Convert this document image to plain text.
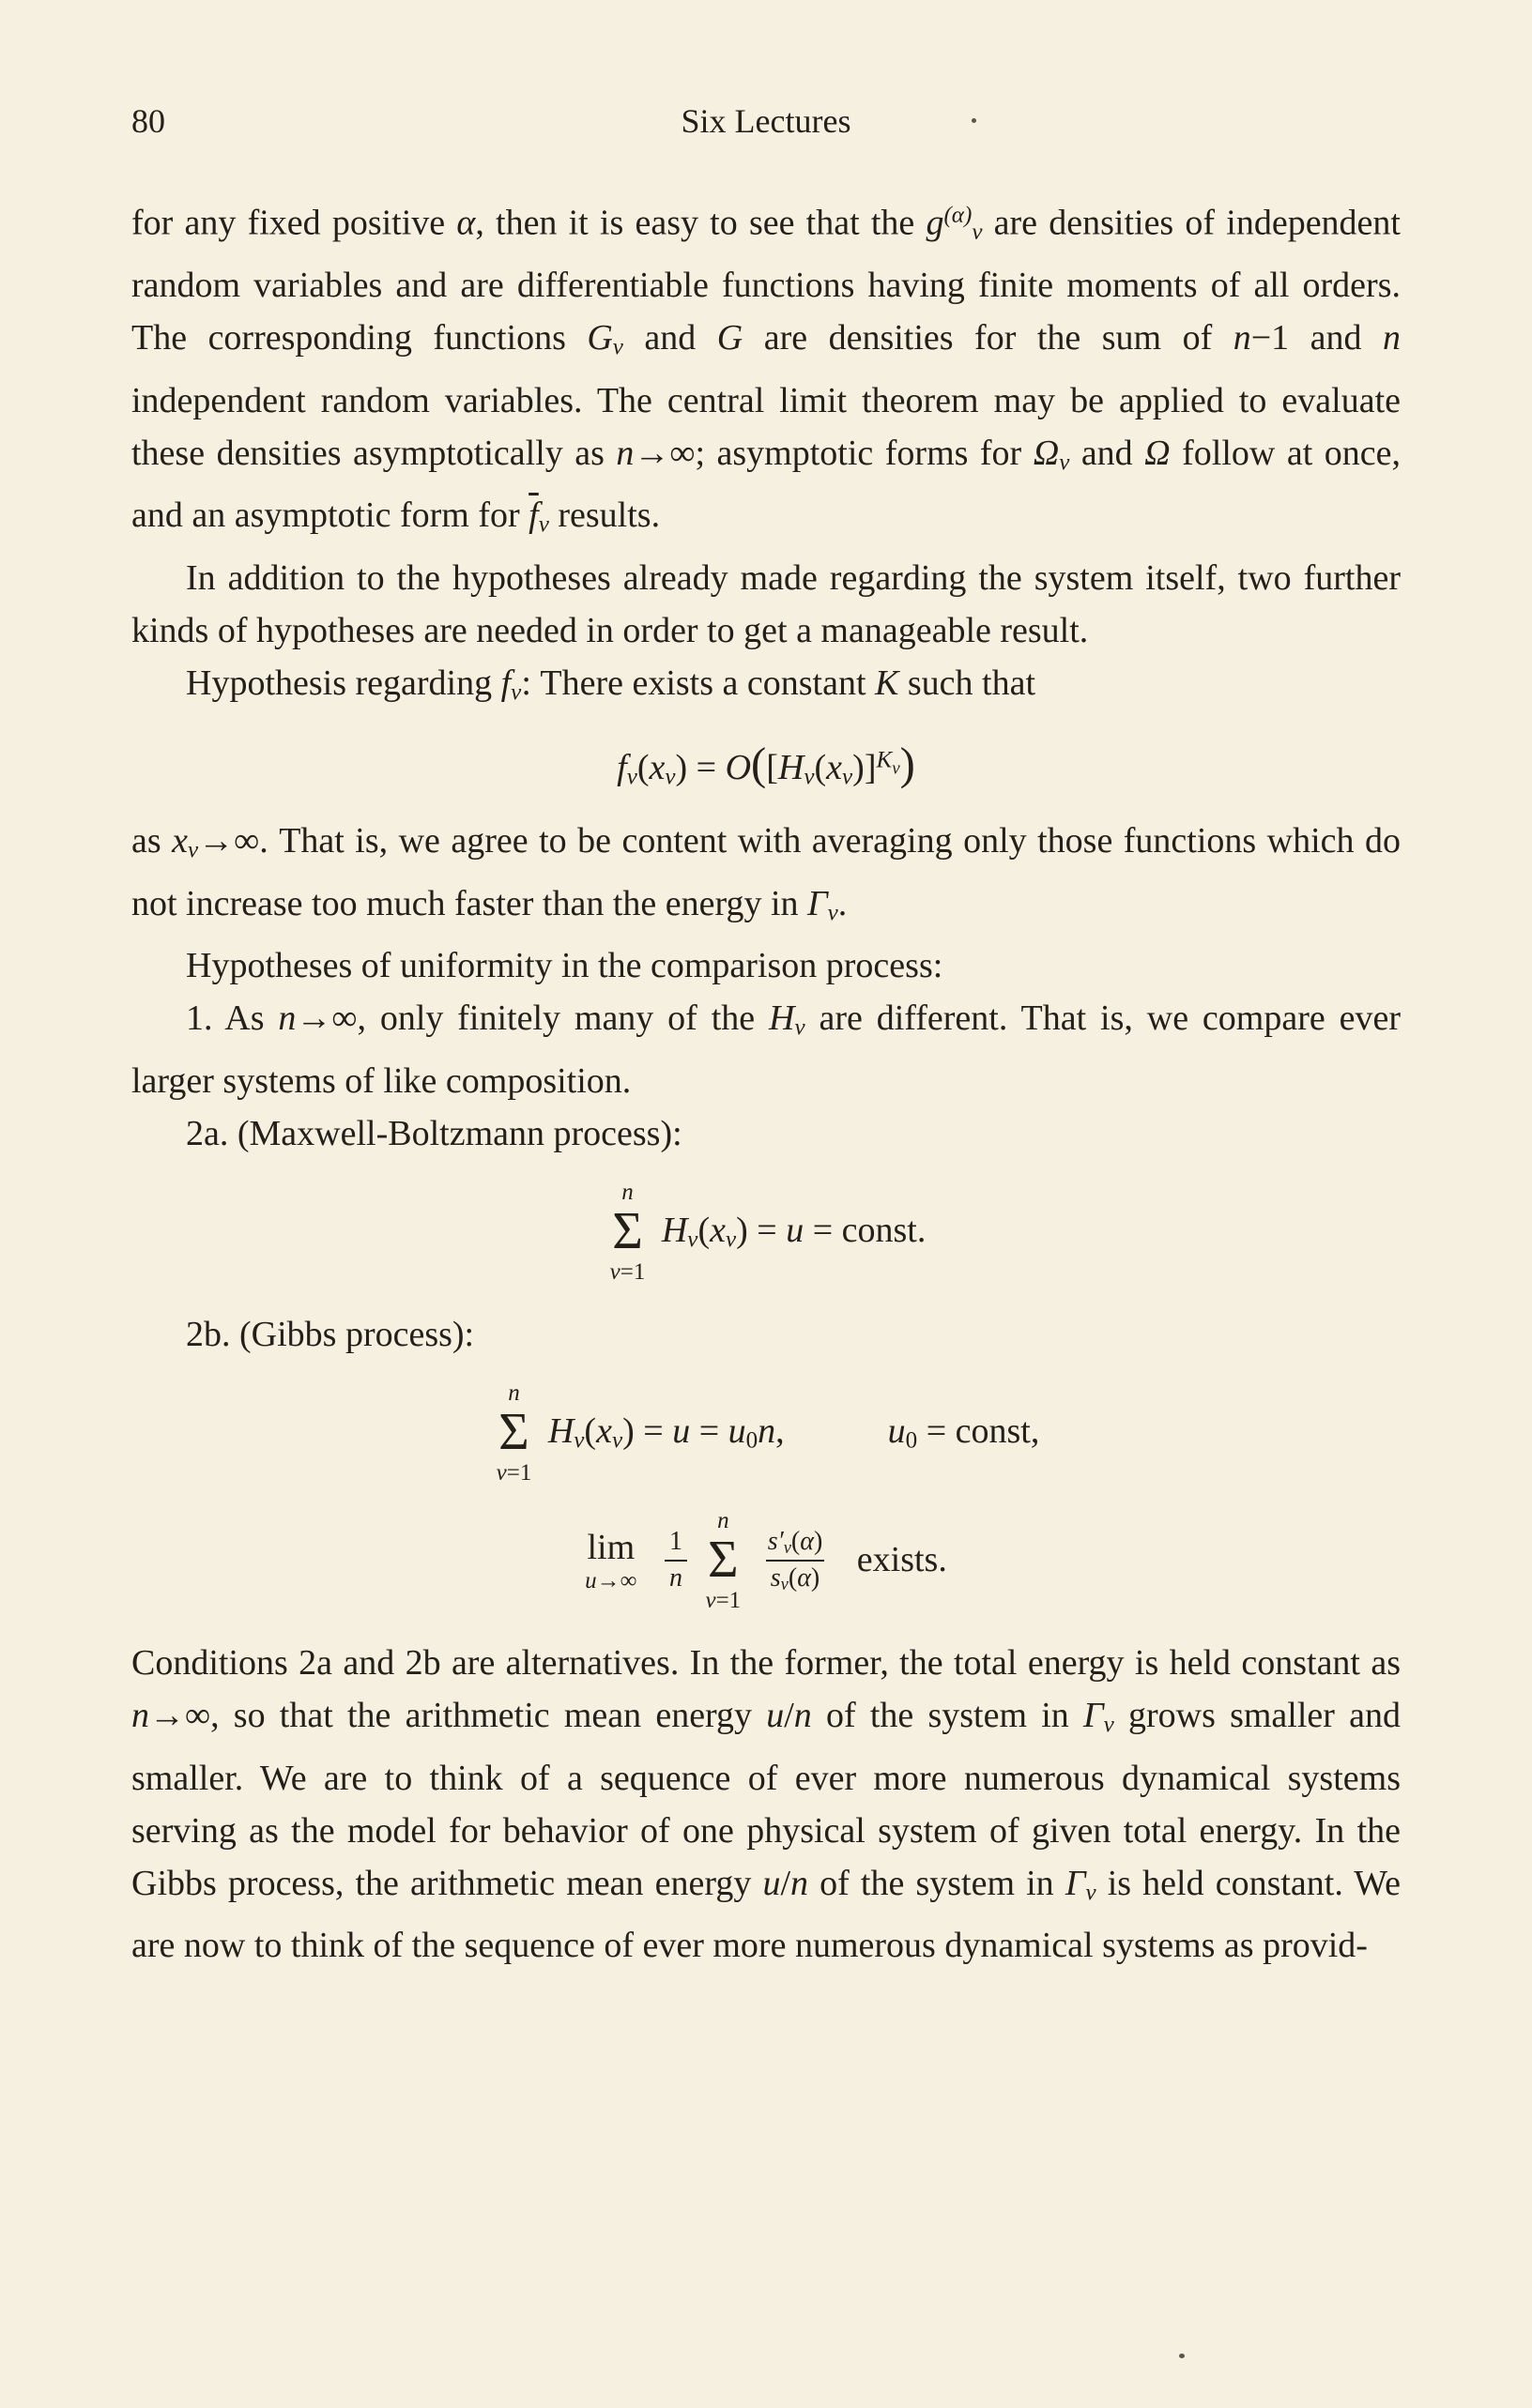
80	Six Lectures

for any fixed positive α, then it is easy to see that the $g^{(\alpha)}\nu$ are densities of independent random variables and are differentiable functions having finite moments of all orders. The corresponding functions Gν and G are densities for the sum of n−1 and n independent random variables. The central limit theorem may be applied to evaluate these densities asymptotically as n→∞; asymptotic forms for Ων and Ω follow at once, and an asymptotic form for $\overline{f}\nu$ results.

In addition to the hypotheses already made regarding the system itself, two further kinds of hypotheses are needed in order to get a manageable result.

Hypothesis regarding fν: There exists a constant K such that

$f\nu(x\nu) = O([H\nu(x\nu)]^K\nu)$

as xν→∞. That is, we agree to be content with averaging only those functions which do not increase too much faster than the energy in Γν.

Hypotheses of uniformity in the comparison process:

1. As n→∞, only finitely many of the Hν are different. That is, we compare ever larger systems of like composition.

2a. (Maxwell-Boltzmann process):

n
Σ
ν=1
Hν(xν) = u = const.

2b. (Gibbs process):

n
Σ
ν=1
Hν(xν) = u = u0n,	u0 = const,
lim
u→∞
$\frac{1}{n}$

n
Σ
ν=1

$\frac{s'\nu(\alpha)}{s\nu(\alpha)}$ exists.

Conditions 2a and 2b are alternatives. In the former, the total energy is held constant as n→∞, so that the arithmetic mean energy u/n of the system in Γν grows smaller and smaller. We are to think of a sequence of ever more numerous dynamical systems serving as the model for behavior of one physical system of given total energy. In the Gibbs process, the arithmetic mean energy u/n of the system in Γν is held constant. We are now to think of the sequence of ever more numerous dynamical systems as provid-
